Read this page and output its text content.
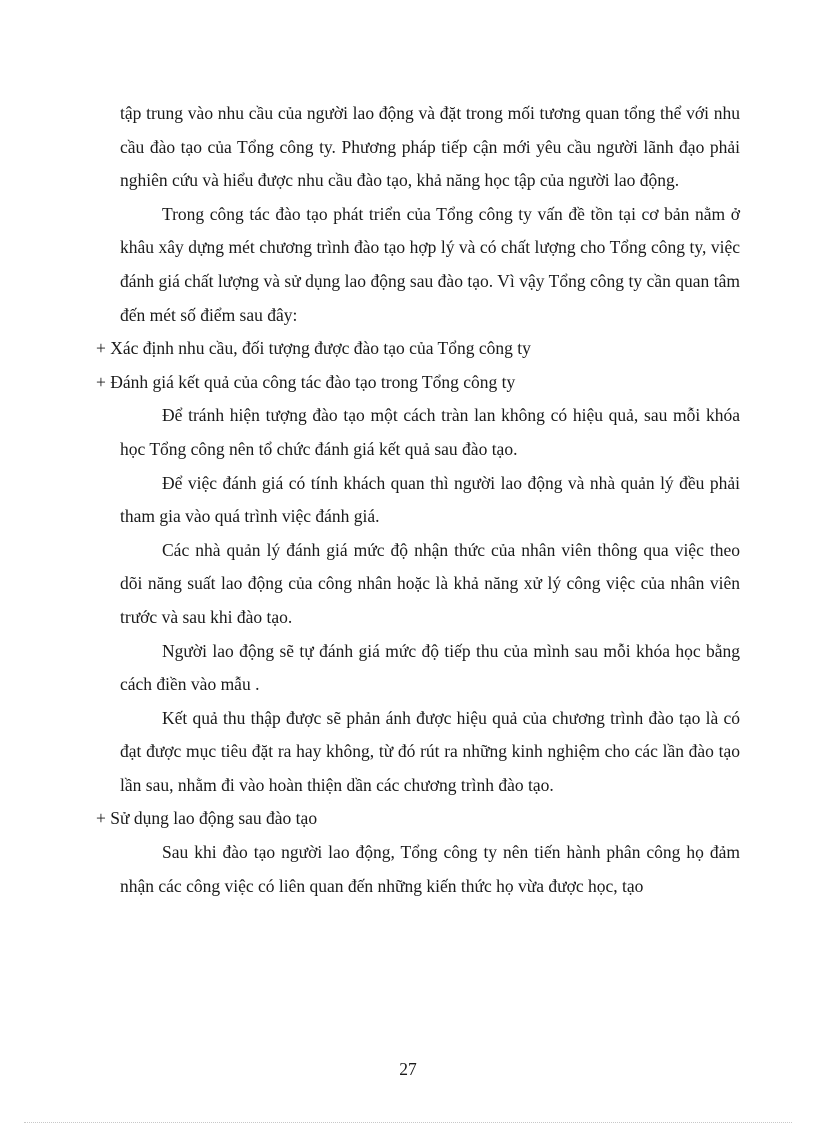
tập trung vào nhu cầu của người lao động và đặt trong mối tương quan tổng thể với nhu cầu đào tạo của Tổng công ty. Phương pháp tiếp cận mới yêu cầu người lãnh đạo phải nghiên cứu và hiểu được nhu cầu đào tạo, khả năng học tập của người lao động.

Trong công tác đào tạo phát triển của Tổng công ty vấn đề tồn tại cơ bản nằm ở khâu xây dựng mét chương trình đào tạo hợp lý và có chất lượng cho Tổng công ty, việc đánh giá chất lượng và sử dụng lao động sau đào tạo. Vì vậy Tổng công ty cần quan tâm đến mét số điểm sau đây:

+ Xác định nhu cầu, đối tượng được đào tạo của Tổng công ty

+ Đánh giá kết quả của công tác đào tạo trong Tổng công ty

Để tránh hiện tượng đào tạo một cách tràn lan không có hiệu quả, sau mỗi khóa học Tổng công nên tổ chức đánh giá kết quả sau đào tạo.

Để việc đánh giá có tính khách quan thì người lao động và nhà quản lý đều phải tham gia vào quá trình việc đánh giá.

Các nhà quản lý đánh giá mức độ nhận thức của nhân viên thông qua việc theo dõi năng suất lao động của công nhân hoặc là khả năng xử lý công việc của nhân viên trước và sau khi đào tạo.

Người lao động sẽ tự đánh giá mức độ tiếp thu của mình sau mỗi khóa học bằng cách điền vào mẫu .

Kết quả thu thập được sẽ phản ánh được hiệu quả của chương trình đào tạo là có đạt được mục tiêu đặt ra hay không, từ đó rút ra những kinh nghiệm cho các lần đào tạo lần sau, nhằm đi vào hoàn thiện dần các chương trình đào tạo.

+ Sử dụng lao động sau đào tạo

Sau khi đào tạo người lao động, Tổng công ty nên tiến hành phân công họ đảm nhận các công việc có liên quan đến những kiến thức họ vừa được học, tạo

27
